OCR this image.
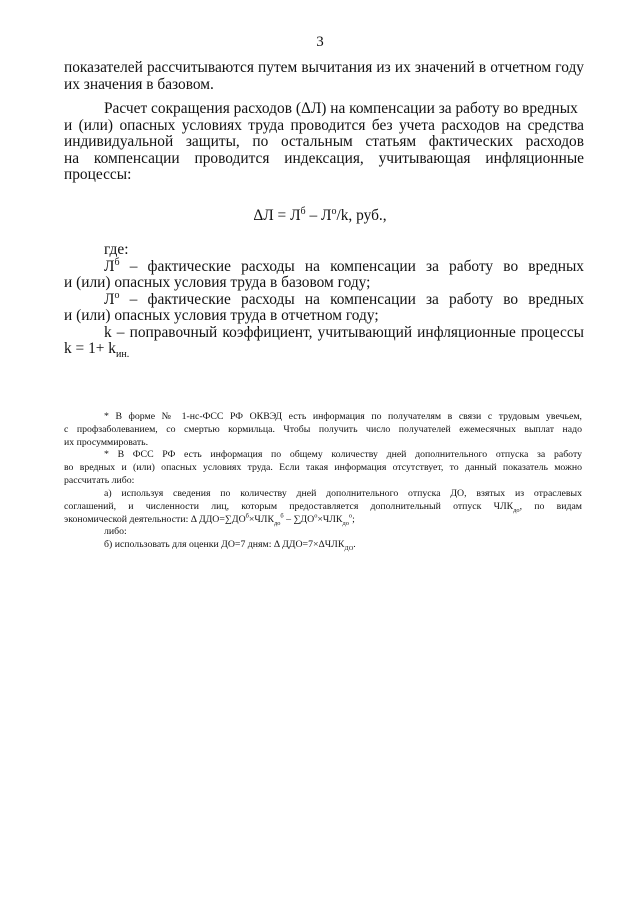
3

показателей рассчитываются путем вычитания из их значений в отчетном году

их значения в базовом.

Расчет сокращения расходов (ΔЛ) на компенсации за работу во вредных

и (или) опасных условиях труда проводится без учета расходов на средства

индивидуальной защиты, по остальным статьям фактических расходов

на компенсации проводится индексация, учитывающая инфляционные

процессы:

$\Delta Л = Л^б - Л^о/k$, руб.,

где:

$Л^б$ – фактические расходы на компенсации за работу во вредных

и (или) опасных условия труда в базовом году;

$Л^о$ – фактические расходы на компенсации за работу во вредных

и (или) опасных условия труда в отчетном году;

k – поправочный коэффициент, учитывающий инфляционные процессы

$k = 1+ k_{ин.}$

* В форме № 1-нс-ФСС РФ ОКВЭД есть информация по получателям в связи с трудовым увечьем,

с профзаболеванием, со смертью кормильца. Чтобы получить число получателей ежемесячных выплат надо

их просуммировать.

* В ФСС РФ есть информация по общему количеству дней дополнительного отпуска за работу

во вредных и (или) опасных условиях труда. Если такая информация отсутствует, то данный показатель можно

рассчитать либо:

а) используя сведения по количеству дней дополнительного отпуска ДО, взятых из отраслевых

соглашений, и численности лиц, которым предоставляется дополнительный отпуск $ЧЛК_{до}$, по видам

экономической деятельности: Δ $ДДО=\sum ДО^б\times ЧЛК_{до}^б - \sum ДО^о\times ЧЛК_{до}^о$;

либо:

б) использовать для оценки ДО=7 дням: Δ $ДДО=7\times\Delta ЧЛК_{ДО}$.
